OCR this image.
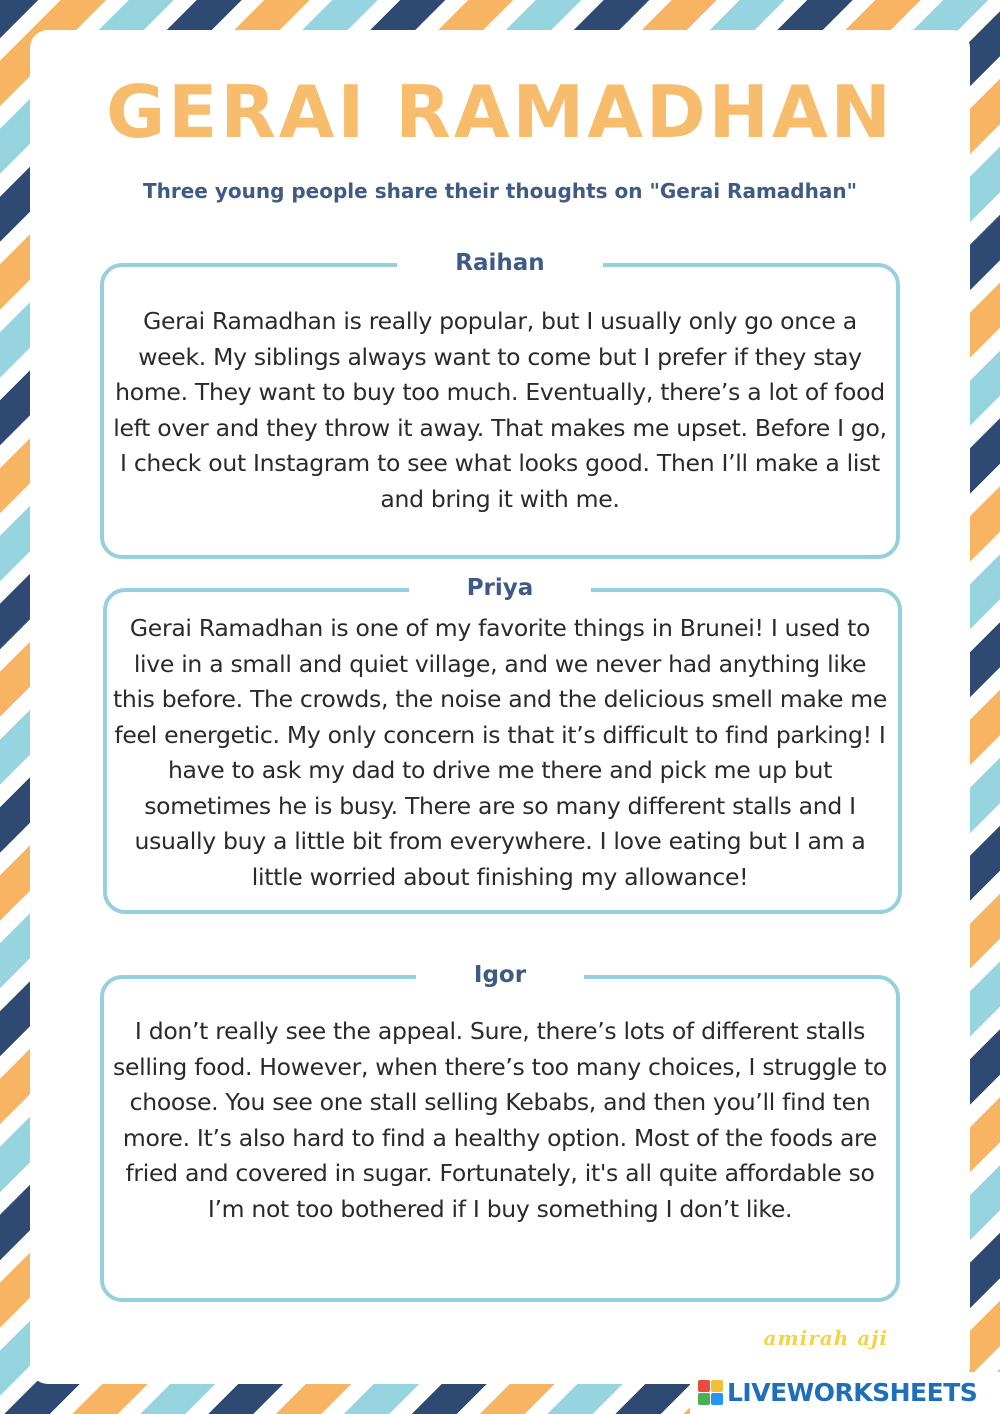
GERAI RAMADHAN

Three young people share their thoughts on "Gerai Ramadhan"

Raihan

Gerai Ramadhan is really popular, but I usually only go once a week. My siblings always want to come but I prefer if they stay home. They want to buy too much. Eventually, there’s a lot of food left over and they throw it away. That makes me upset. Before I go, I check out Instagram to see what looks good. Then I’ll make a list and bring it with me.

Priya

Gerai Ramadhan is one of my favorite things in Brunei! I used to live in a small and quiet village, and we never had anything like this before. The crowds, the noise and the delicious smell make me feel energetic. My only concern is that it’s difficult to find parking! I have to ask my dad to drive me there and pick me up but sometimes he is busy. There are so many different stalls and I usually buy a little bit from everywhere. I love eating but I am a little worried about finishing my allowance!

Igor

I don’t really see the appeal. Sure, there’s lots of different stalls selling food. However, when there’s too many choices, I struggle to choose. You see one stall selling Kebabs, and then you’ll find ten more. It’s also hard to find a healthy option. Most of the foods are fried and covered in sugar. Fortunately, it's all quite affordable so I’m not too bothered if I buy something I don’t like.

amirah aji
LIVEWORKSHEETS
